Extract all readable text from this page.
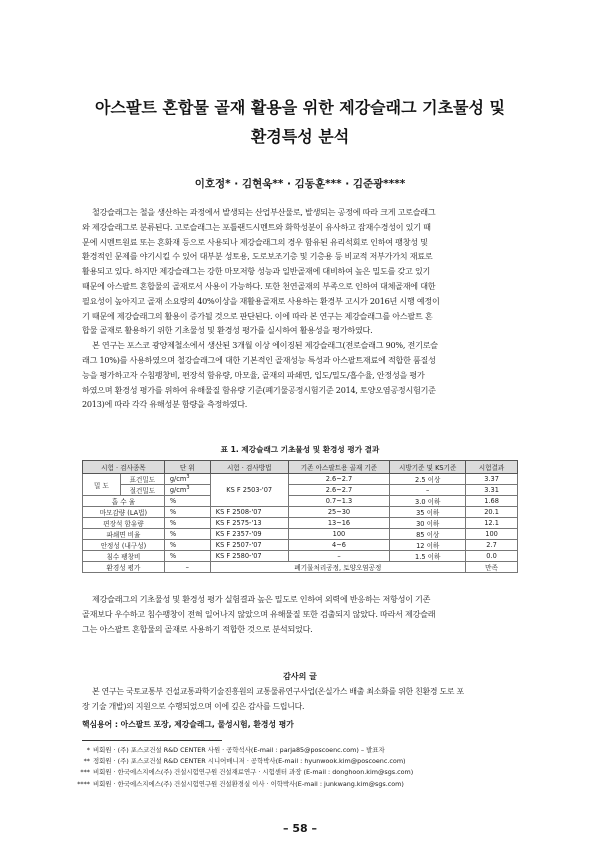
아스팔트 혼합물 골재 활용을 위한 제강슬래그 기초물성 및
환경특성 분석
이호정* · 김현욱** · 김동훈*** · 김준광****
철강슬래그는 철을 생산하는 과정에서 발생되는 산업부산물로, 발생되는 공정에 따라 크게 고로슬래그
와 제강슬래그로 분류된다. 고로슬래그는 포틀랜드시멘트와 화학성분이 유사하고 잠재수경성이 있기 때
문에 시멘트원료 또는 혼화재 등으로 사용되나 제강슬래그의 경우 함유된 유리석회로 인하여 팽창성 및
환경적인 문제를 야기시킬 수 있어 대부분 성토용, 도로보조기층 및 기층용 등 비교적 저부가가치 재료로
활용되고 있다. 하지만 제강슬래그는 강한 마모저항 성능과 일반골재에 대비하여 높은 밀도를 갖고 있기
때문에 아스팔트 혼합물의 골재로서 사용이 가능하다. 또한 천연골재의 부족으로 인하여 대체골재에 대한
필요성이 높아지고 골재 소요량의 40%이상을 재활용골재로 사용하는 환경부 고시가 2016년 시행 예정이
기 때문에 제강슬래그의 활용이 증가될 것으로 판단된다. 이에 따라 본 연구는 제강슬래그를 아스팔트 혼
합물 골재로 활용하기 위한 기초물성 및 환경성 평가를 실시하여 활용성을 평가하였다.
본 연구는 포스코 광양제철소에서 생산된 3개월 이상 에이징된 제강슬래그(전로슬래그 90%, 전기로슬
래그 10%)를 사용하였으며 철강슬래그에 대한 기본적인 골재성능 특성과 아스팔트재료에 적합한 품질성
능을 평가하고자 수침팽창비, 편장석 함유량, 마모율, 골재의 파쇄면, 입도/밀도/흡수율, 안정성을 평가
하였으며 환경성 평가를 위하여 유해물질 함유량 기준(폐기물공정시험기준 2014, 토양오염공정시험기준
2013)에 따라 각각 유해성분 함량을 측정하였다.
표 1. 제강슬래그 기초물성 및 환경성 평가 결과
시험 · 검사종목		단 위	시험 · 검사방법	기존 아스팔트용 골재 기준	시방기준 및 KS기준	시험결과
밀 도	표건밀도	$g/cm^3$	KS F 2503-'07	2.6~2.7	2.5 이상	3.37
	절건밀도	$g/cm^3$		2.6~2.7	–	3.31
흡 수 율		%		0.7~1.3	3.0 이하	1.68
마모감량 (LA법)		%	KS F 2508-'07	25~30	35 이하	20.1
편장석 함유량		%	KS F 2575-'13	13~16	30 이하	12.1
파쇄면 비율		%	KS F 2357-'09	100	85 이상	100
안정성 (내구성)		%	KS F 2507-'07	4~6	12 이하	2.7
침수 팽창비		%	KS F 2580-'07	–	1.5 이하	0.0
환경성 평가		–	폐기물처리공정, 토양오염공정			만족
제강슬래그의 기초물성 및 환경성 평가 실험결과 높은 밀도로 인하여 외력에 반응하는 저항성이 기존
골재보다 우수하고 침수팽창이 전혀 일어나지 않았으며 유해물질 또한 검출되지 않았다. 따라서 제강슬래
그는 아스팔트 혼합물의 골재로 사용하기 적합한 것으로 분석되었다.
감사의 글
본 연구는 국토교통부 건설교통과학기술진흥원의 교통물류연구사업(온실가스 배출 최소화를 위한 친환경 도로 포
장 기술 개발)의 지원으로 수행되었으며 이에 깊은 감사를 드립니다.
핵심용어 : 아스팔트 포장, 제강슬래그, 물성시험, 환경성 평가
* 비회원 · (주) 포스코건설 R&D CENTER 사원 · 공학석사(E-mail : parja85@poscoenc.com) – 발표자
** 정회원 · (주) 포스코건설 R&D CENTER 시니어매니저 · 공학박사(E-mail : hyunwook.kim@poscoenc.com)
*** 비회원 · 한국에스지에스(주) 건설시험연구원 건설재료연구 · 시험센터 과장 (E-mail : donghoon.kim@sgs.com)
**** 비회원 · 한국에스지에스(주) 건설시험연구원 건설환경실 이사 · 이학박사(E-mail : junkwang.kim@sgs.com)
– 58 –
